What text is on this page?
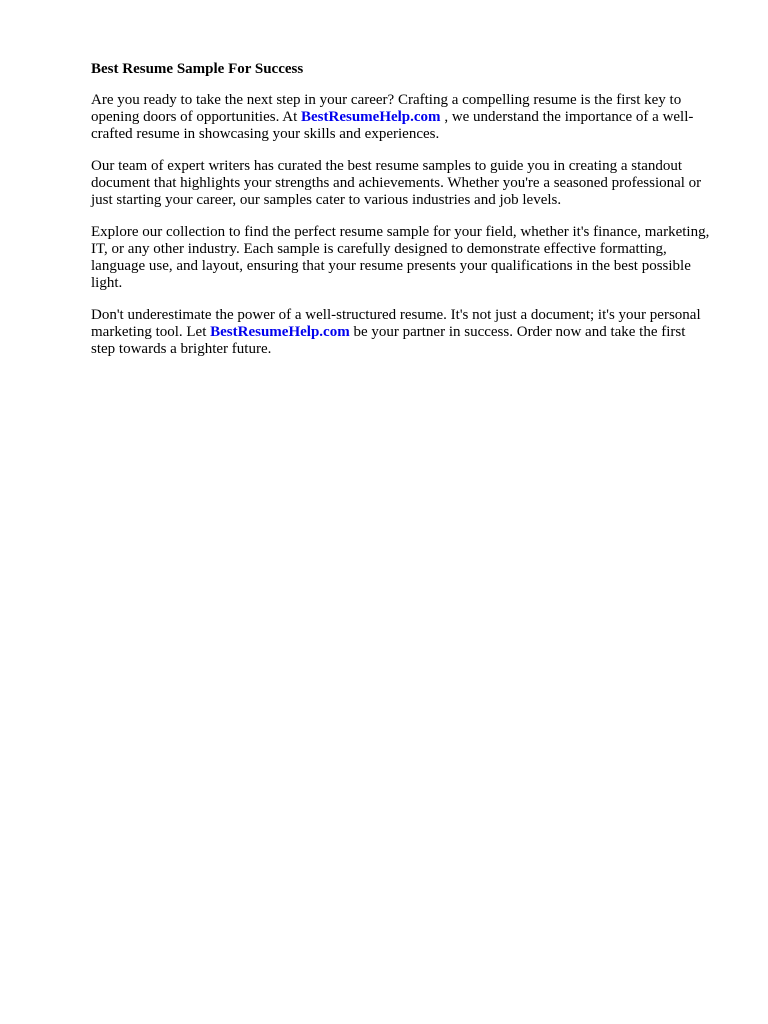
Best Resume Sample For Success

Are you ready to take the next step in your career? Crafting a compelling resume is the first key to opening doors of opportunities. At BestResumeHelp.com , we understand the importance of a well-crafted resume in showcasing your skills and experiences.

Our team of expert writers has curated the best resume samples to guide you in creating a standout document that highlights your strengths and achievements. Whether you're a seasoned professional or just starting your career, our samples cater to various industries and job levels.

Explore our collection to find the perfect resume sample for your field, whether it's finance, marketing, IT, or any other industry. Each sample is carefully designed to demonstrate effective formatting, language use, and layout, ensuring that your resume presents your qualifications in the best possible light.

Don't underestimate the power of a well-structured resume. It's not just a document; it's your personal marketing tool. Let BestResumeHelp.com be your partner in success. Order now and take the first step towards a brighter future.
